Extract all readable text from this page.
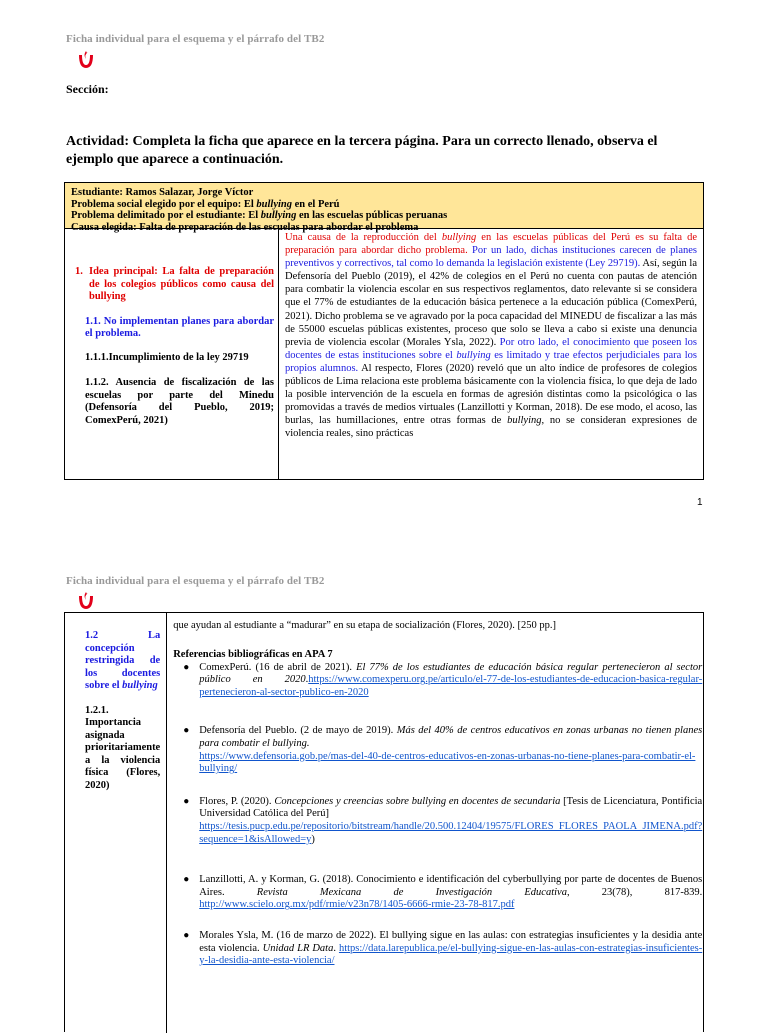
Ficha individual para el esquema y el párrafo del TB2
Sección:
Actividad: Completa la ficha que aparece en la tercera página. Para un correcto llenado, observa el ejemplo que aparece a continuación.
Estudiante: Ramos Salazar, Jorge Víctor
Problema social elegido por el equipo: El bullying en el Perú
Problema delimitado por el estudiante: El bullying en las escuelas públicas peruanas
Causa elegida: Falta de preparación de las escuelas para abordar el problema
1. Idea principal: La falta de preparación de los colegios públicos como causa del bullying
1.1. No implementan planes para abordar el problema.
1.1.1.Incumplimiento de la ley 29719
1.1.2. Ausencia de fiscalización de las escuelas por parte del Minedu (Defensoría del Pueblo, 2019; ComexPerú, 2021)
Una causa de la reproducción del bullying en las escuelas públicas del Perú es su falta de preparación para abordar dicho problema. Por un lado, dichas instituciones carecen de planes preventivos y correctivos, tal como lo demanda la legislación existente (Ley 29719). Así, según la Defensoría del Pueblo (2019), el 42% de colegios en el Perú no cuenta con pautas de atención para combatir la violencia escolar en sus respectivos reglamentos, dato relevante si se considera que el 77% de estudiantes de la educación básica pertenece a la educación pública (ComexPerú, 2021). Dicho problema se ve agravado por la poca capacidad del MINEDU de fiscalizar a las más de 55000 escuelas públicas existentes, proceso que solo se lleva a cabo si existe una denuncia previa de violencia escolar (Morales Ysla, 2022). Por otro lado, el conocimiento que poseen los docentes de estas instituciones sobre el bullying es limitado y trae efectos perjudiciales para los propios alumnos. Al respecto, Flores (2020) reveló que un alto índice de profesores de colegios públicos de Lima relaciona este problema básicamente con la violencia física, lo que deja de lado la posible intervención de la escuela en formas de agresión distintas como la psicológica o las promovidas a través de medios virtuales (Lanzillotti y Korman, 2018). De ese modo, el acoso, las burlas, las humillaciones, entre otras formas de bullying, no se consideran expresiones de violencia reales, sino prácticas
1
Ficha individual para el esquema y el párrafo del TB2
1.2 La concepción restringida de los docentes sobre el bullying
1.2.1. Importancia asignada prioritariamente a la violencia física (Flores, 2020)
que ayudan al estudiante a “madurar” en su etapa de socialización (Flores, 2020). [250 pp.]
Referencias bibliográficas en APA 7
● ComexPerú. (16 de abril de 2021). El 77% de los estudiantes de educación básica regular pertenecieron al sector público en 2020.https://www.comexperu.org.pe/articulo/el-77-de-los-estudiantes-de-educacion-basica-regular-pertenecieron-al-sector-publico-en-2020
● Defensoría del Pueblo. (2 de mayo de 2019). Más del 40% de centros educativos en zonas urbanas no tienen planes para combatir el bullying.
https://www.defensoria.gob.pe/mas-del-40-de-centros-educativos-en-zonas-urbanas-no-tiene-planes-para-combatir-el-bullying/
● Flores, P. (2020). Concepciones y creencias sobre bullying en docentes de secundaria [Tesis de Licenciatura, Pontificia Universidad Católica del Perú]
https://tesis.pucp.edu.pe/repositorio/bitstream/handle/20.500.12404/19575/FLORES_FLORES_PAOLA_JIMENA.pdf?sequence=1&isAllowed=y)
● Lanzillotti, A. y Korman, G. (2018). Conocimiento e identificación del cyberbullying por parte de docentes de Buenos Aires. Revista Mexicana de Investigación Educativa, 23(78), 817-839. http://www.scielo.org.mx/pdf/rmie/v23n78/1405-6666-rmie-23-78-817.pdf
● Morales Ysla, M. (16 de marzo de 2022). El bullying sigue en las aulas: con estrategias insuficientes y la desidia ante esta violencia. Unidad LR Data. https://data.larepublica.pe/el-bullying-sigue-en-las-aulas-con-estrategias-insuficientes-y-la-desidia-ante-esta-violencia/
